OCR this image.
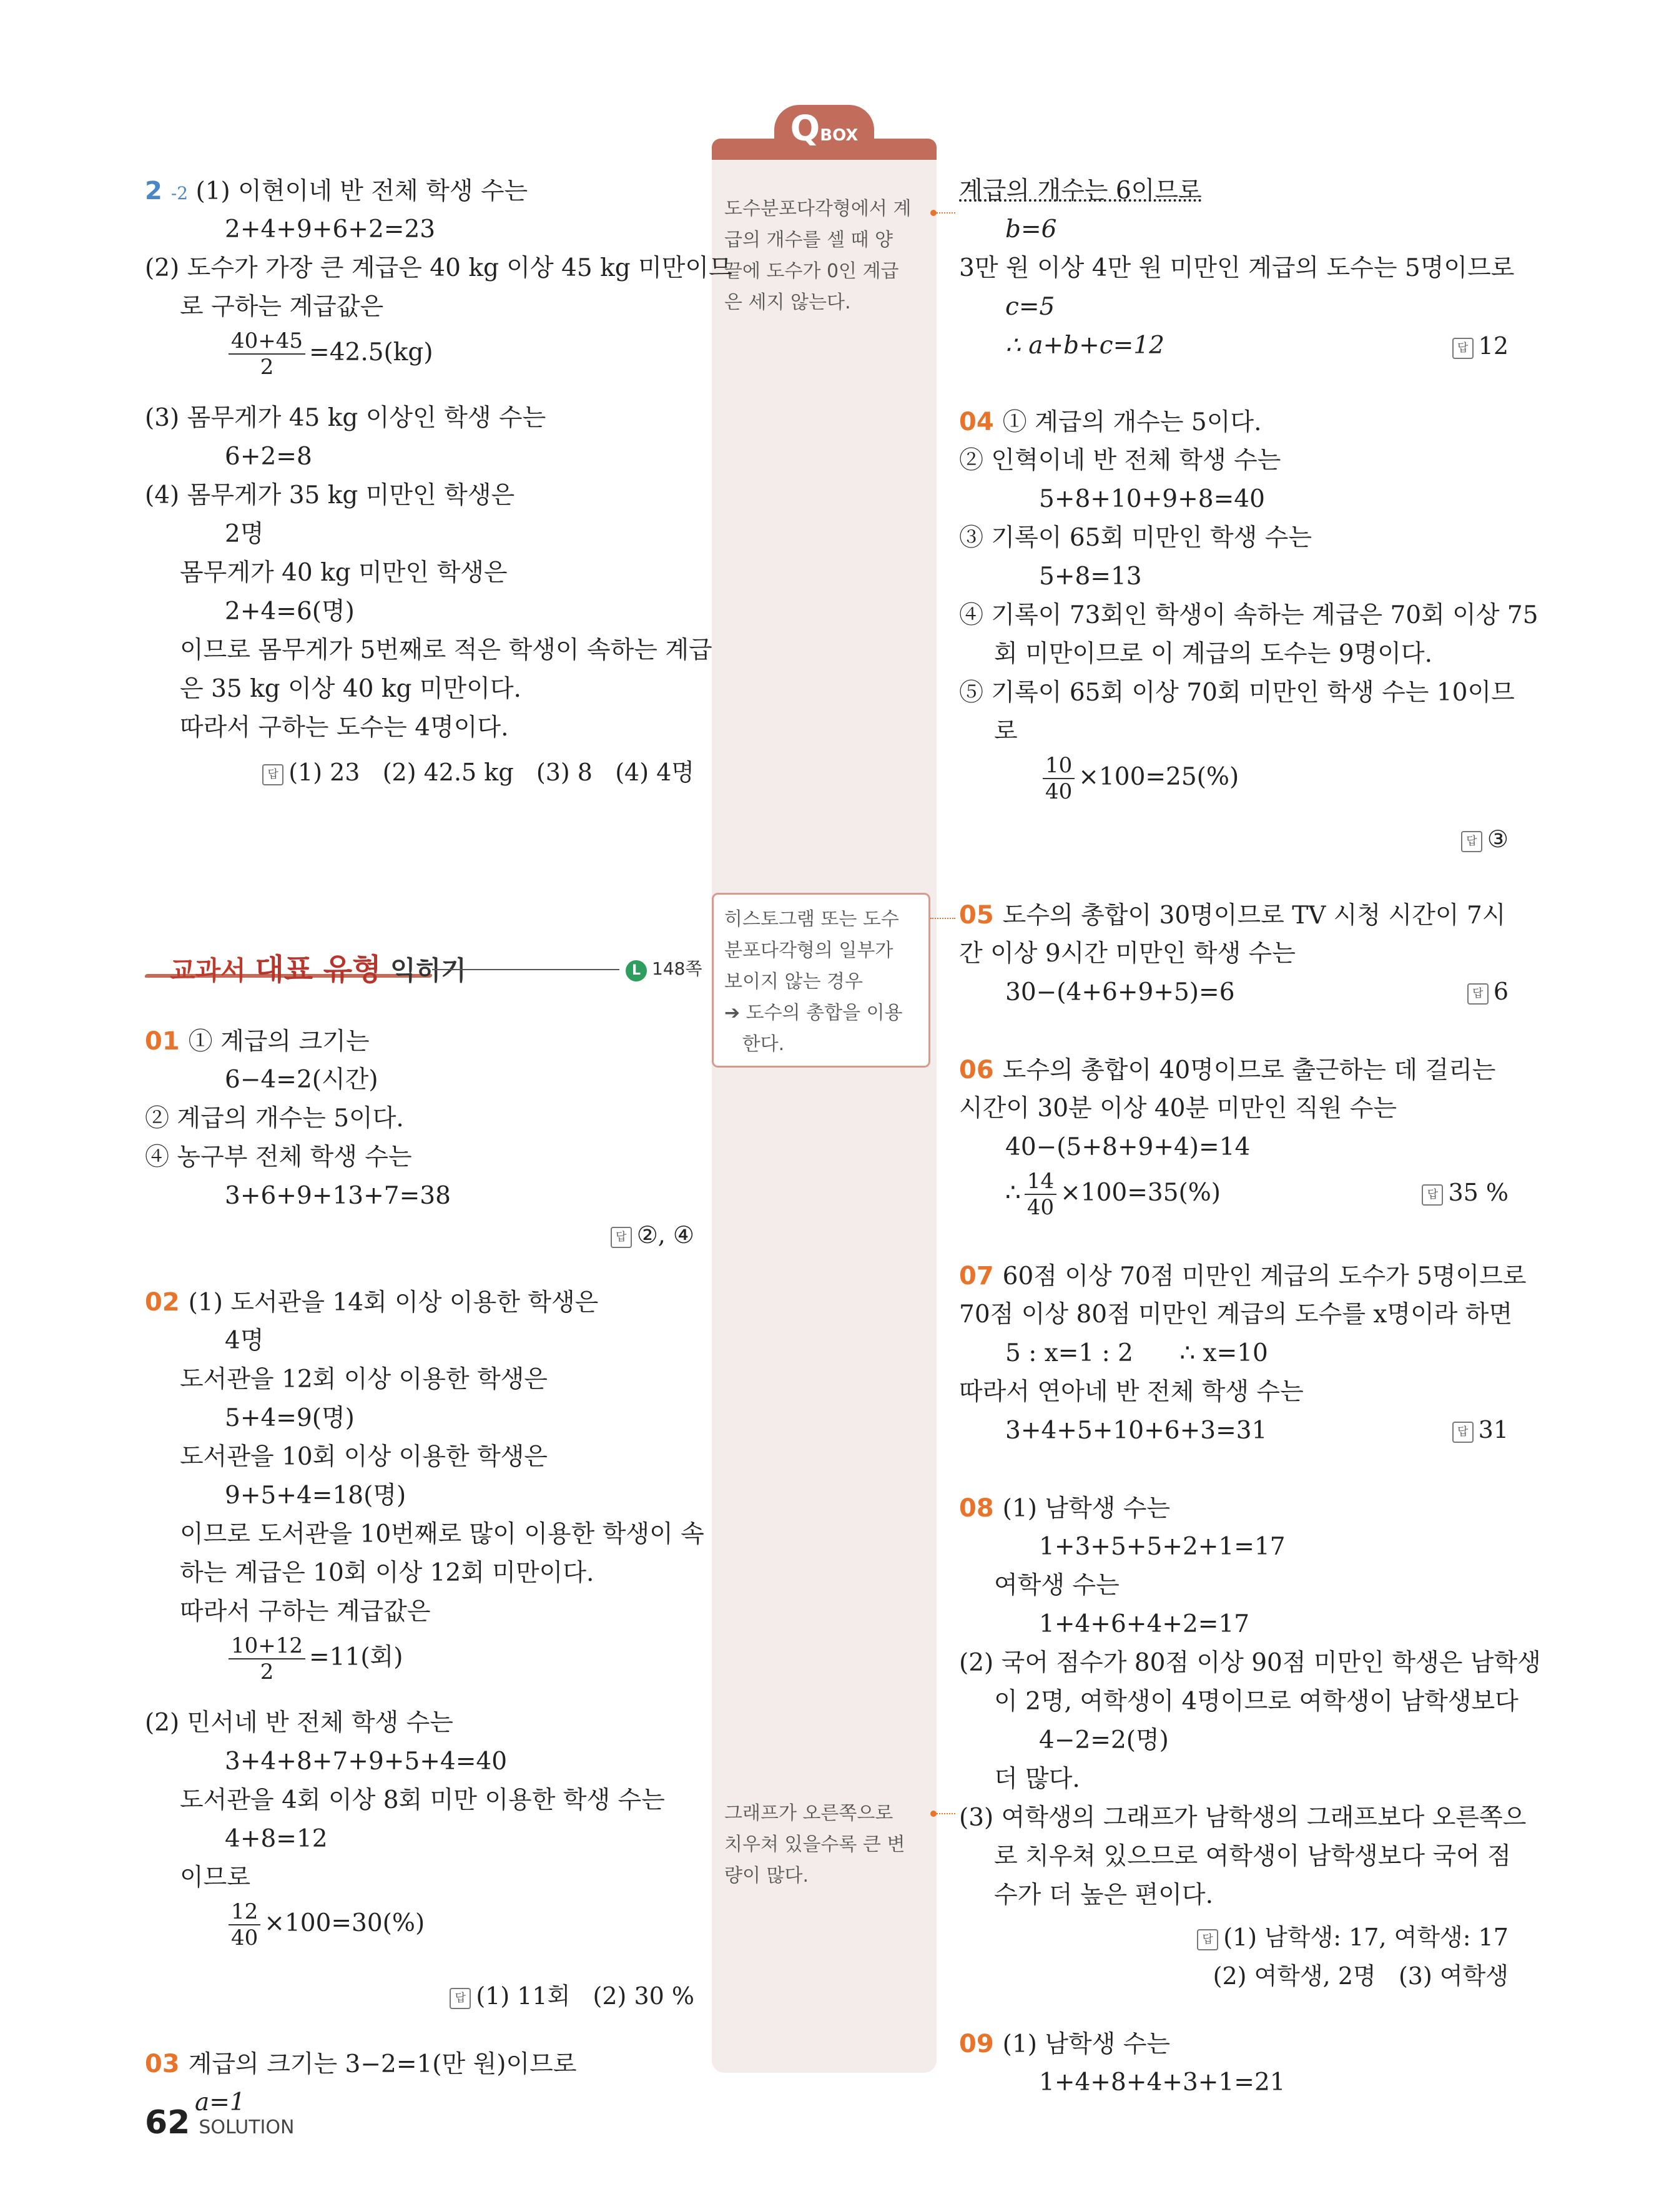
QBOX
도수분포다각형에서 계
급의 개수를 셀 때 양
끝에 도수가 0인 계급
은 세지 않는다.
히스토그램 또는 도수
분포다각형의 일부가
보이지 않는 경우
➔ 도수의 총합을 이용
한다.
그래프가 오른쪽으로
치우쳐 있을수록 큰 변
량이 많다.
2 -2 (1) 이현이네 반 전체 학생 수는
2+4+9+6+2=23
(2) 도수가 가장 큰 계급은 40 kg 이상 45 kg 미만이므
로 구하는 계급값은
$\frac{40+45}{2} =42.5(kg)$
(3) 몸무게가 45 kg 이상인 학생 수는
6+2=8
(4) 몸무게가 35 kg 미만인 학생은
2명
몸무게가 40 kg 미만인 학생은
2+4=6(명)
이므로 몸무게가 5번째로 적은 학생이 속하는 계급
은 35 kg 이상 40 kg 미만이다.
따라서 구하는 도수는 4명이다.
답 (1) 23   (2) 42.5 kg   (3) 8   (4) 4명
01 ① 계급의 크기는
6−4=2(시간)
② 계급의 개수는 5이다.
④ 농구부 전체 학생 수는
3+6+9+13+7=38
답 ②, ④
02 (1) 도서관을 14회 이상 이용한 학생은
4명
도서관을 12회 이상 이용한 학생은
5+4=9(명)
도서관을 10회 이상 이용한 학생은
9+5+4=18(명)
이므로 도서관을 10번째로 많이 이용한 학생이 속
하는 계급은 10회 이상 12회 미만이다.
따라서 구하는 계급값은
$\frac{10+12}{2} =11$(회)
(2) 민서네 반 전체 학생 수는
3+4+8+7+9+5+4=40
도서관을 4회 이상 8회 미만 이용한 학생 수는
4+8=12
이므로
$\frac{12}{40} \times 100=30(\%)$
답 (1) 11회   (2) 30 %
03 계급의 크기는 3−2=1(만 원)이므로
a=1
교과서 대표 유형 익히기	L 148쪽
계급의 개수는 6이므로
b=6
3만 원 이상 4만 원 미만인 계급의 도수는 5명이므로
c=5
∴ a+b+c=12	답 12
04 ① 계급의 개수는 5이다.
② 인혁이네 반 전체 학생 수는
5+8+10+9+8=40
③ 기록이 65회 미만인 학생 수는
5+8=13
④ 기록이 73회인 학생이 속하는 계급은 70회 이상 75
회 미만이므로 이 계급의 도수는 9명이다.
⑤ 기록이 65회 이상 70회 미만인 학생 수는 10이므
로
$\frac{10}{40} \times 100=25(\%)$
답 ③
05 도수의 총합이 30명이므로 TV 시청 시간이 7시
간 이상 9시간 미만인 학생 수는
30−(4+6+9+5)=6	답 6
06 도수의 총합이 40명이므로 출근하는 데 걸리는
시간이 30분 이상 40분 미만인 직원 수는
40−(5+8+9+4)=14
∴ $\frac{14}{40} \times 100=35(\%)$	답 35 %
07 60점 이상 70점 미만인 계급의 도수가 5명이므로
70점 이상 80점 미만인 계급의 도수를 x명이라 하면
5 : x=1 : 2      ∴ x=10
따라서 연아네 반 전체 학생 수는
3+4+5+10+6+3=31	답 31
08 (1) 남학생 수는
1+3+5+5+2+1=17
여학생 수는
1+4+6+4+2=17
(2) 국어 점수가 80점 이상 90점 미만인 학생은 남학생
이 2명, 여학생이 4명이므로 여학생이 남학생보다
4−2=2(명)
더 많다.
(3) 여학생의 그래프가 남학생의 그래프보다 오른쪽으
로 치우쳐 있으므로 여학생이 남학생보다 국어 점
수가 더 높은 편이다.
답 (1) 남학생: 17, 여학생: 17
(2) 여학생, 2명   (3) 여학생
09 (1) 남학생 수는
1+4+8+4+3+1=21
62 SOLUTION
